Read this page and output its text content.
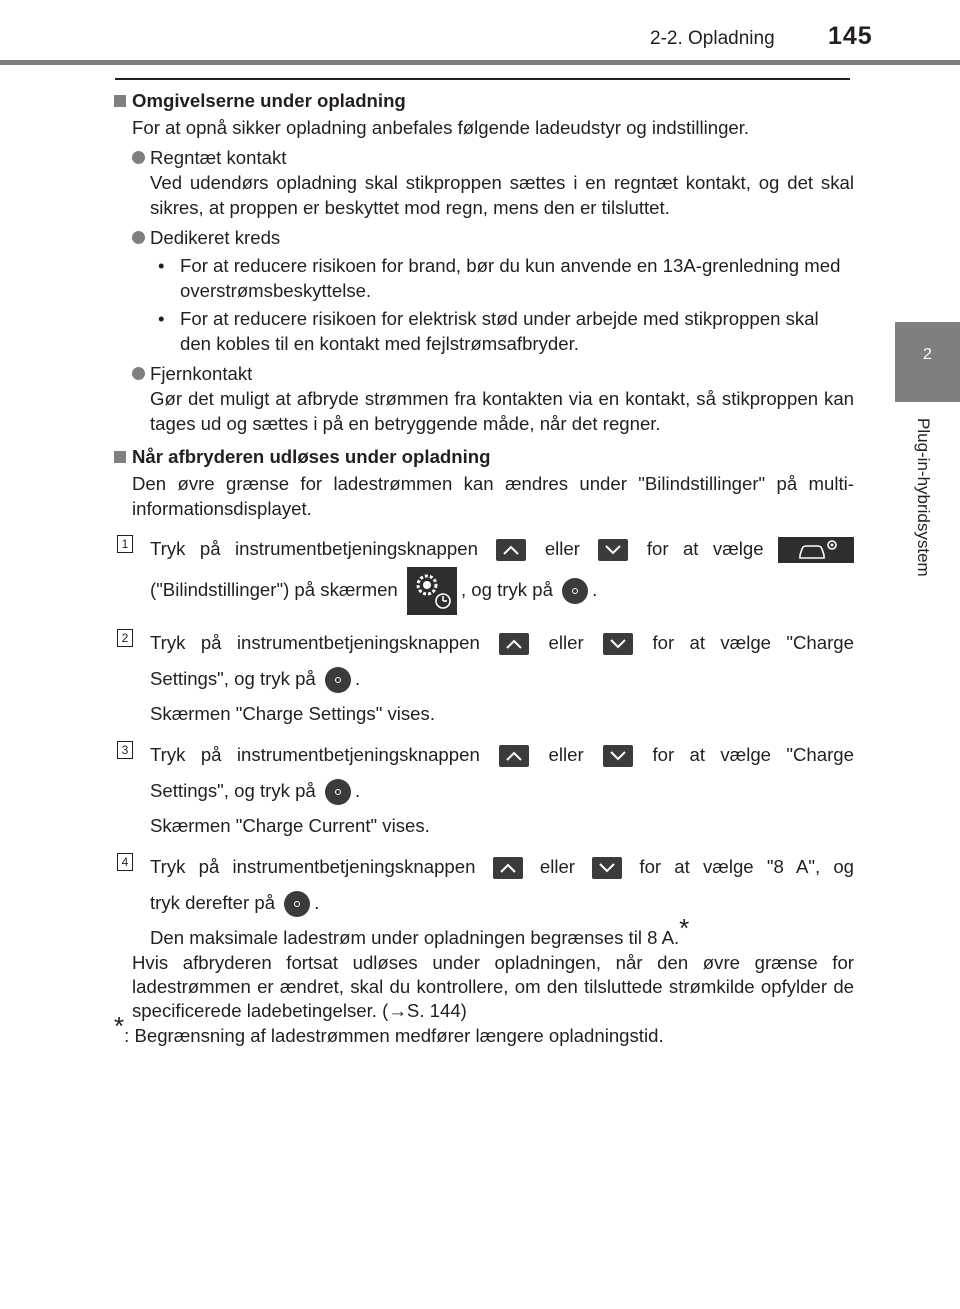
2-2. Opladning 145
2
Plug-in-hybridsystem

Omgivelserne under opladning

For at opnå sikker opladning anbefales følgende ladeudstyr og indstillinger.

Regntæt kontakt

Ved udendørs opladning skal stikproppen sættes i en regntæt kontakt, og det skal sikres, at proppen er beskyttet mod regn, mens den er tilsluttet.

Dedikeret kreds

• For at reducere risikoen for brand, bør du kun anvende en 13A-grenledning med overstrømsbeskyttelse.
• For at reducere risikoen for elektrisk stød under arbejde med stikproppen skal den kobles til en kontakt med fejlstrømsafbryder.

Fjernkontakt

Gør det muligt at afbryde strømmen fra kontakten via en kontakt, så stikproppen kan tages ud og sættes i på en betryggende måde, når det regner.

Når afbryderen udløses under opladning

Den øvre grænse for ladestrømmen kan ændres under "Bilindstillinger" på multi-informationsdisplayet.

1 Tryk på instrumentbetjeningsknappen	eller	for at vælge
("Bilindstillinger") på skærmen	, og tryk på .
2 Tryk på instrumentbetjeningsknappen	eller	for at vælge "Charge
Settings", og tryk på .
Skærmen "Charge Settings" vises.
3 Tryk på instrumentbetjeningsknappen	eller	for at vælge "Charge
Settings", og tryk på .
Skærmen "Charge Current" vises.
4 Tryk på instrumentbetjeningsknappen	eller	for at vælge "8 A", og
tryk derefter på .
Den maksimale ladestrøm under opladningen begrænses til 8 A.*

Hvis afbryderen fortsat udløses under opladningen, når den øvre grænse for ladestrømmen er ændret, skal du kontrollere, om den tilsluttede strømkilde opfylder de specificerede ladebetingelser. (→S. 144)

*: Begrænsning af ladestrømmen medfører længere opladningstid.
